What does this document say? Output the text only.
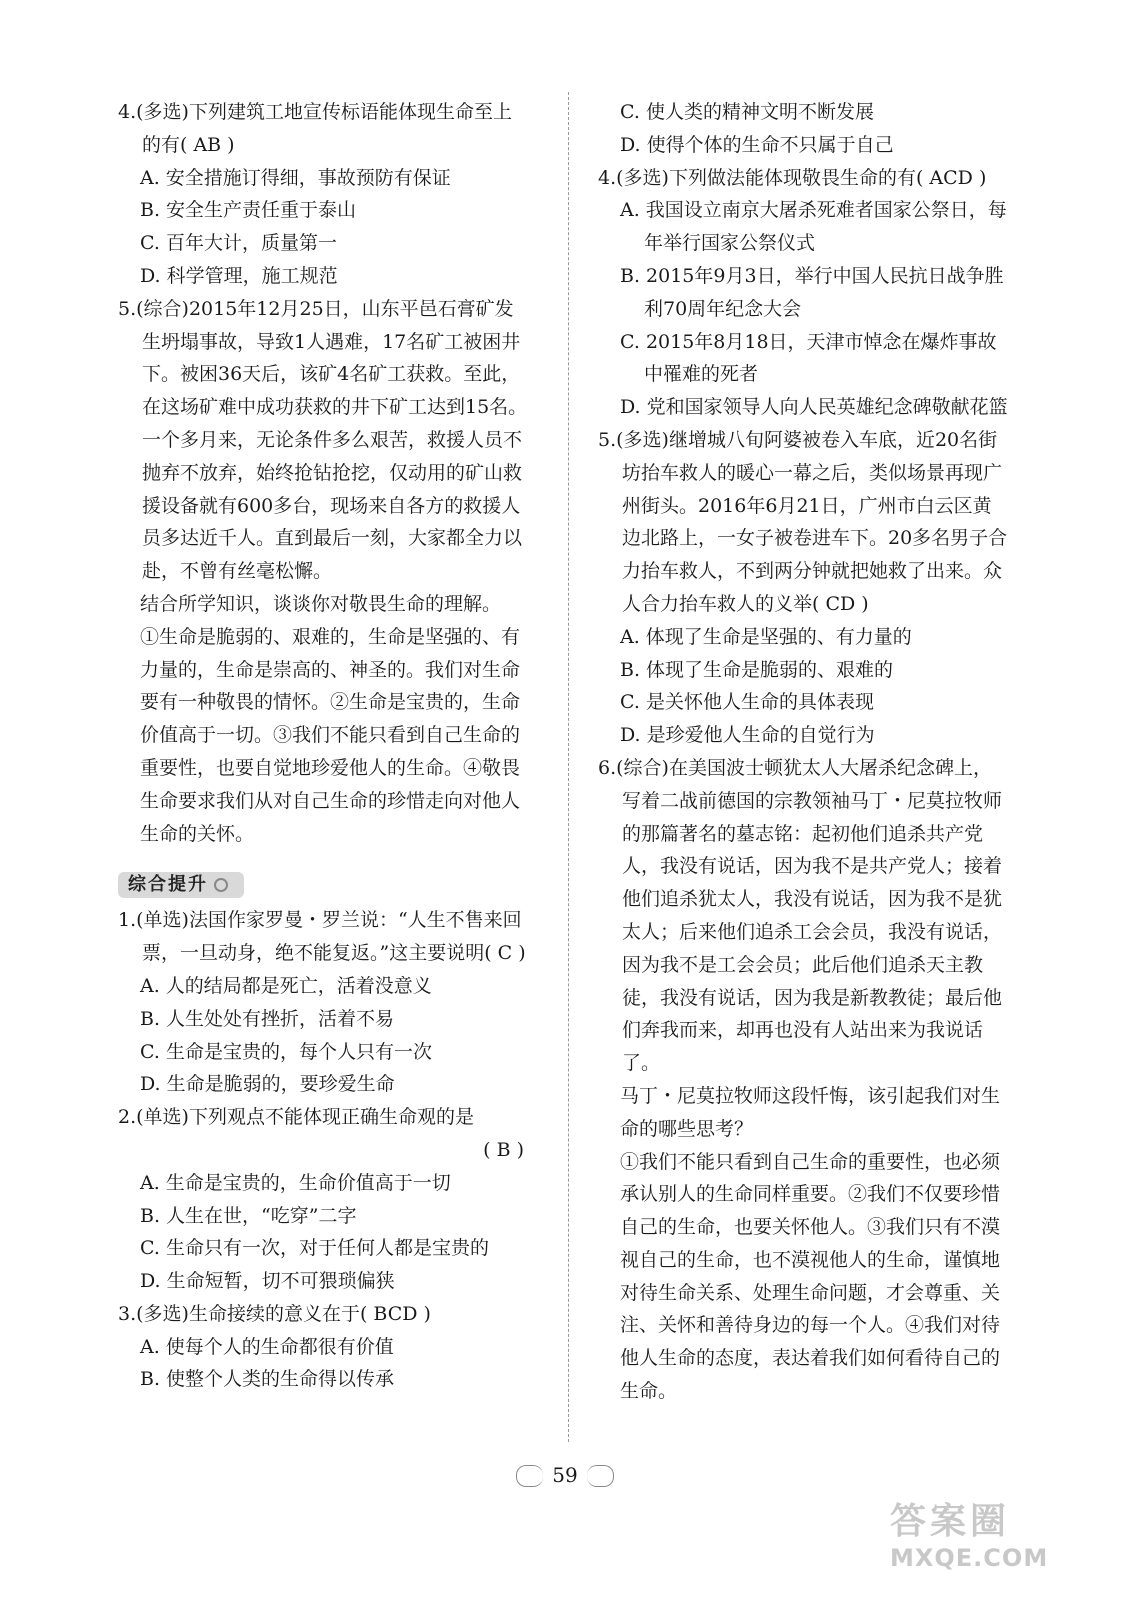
4.(多选)下列建筑工地宣传标语能体现生命至上的有( AB )
A. 安全措施订得细，事故预防有保证
B. 安全生产责任重于泰山
C. 百年大计，质量第一
D. 科学管理，施工规范
5.(综合)2015年12月25日，山东平邑石膏矿发生坍塌事故，导致1人遇难，17名矿工被困井下。被困36天后，该矿4名矿工获救。至此，在这场矿难中成功获救的井下矿工达到15名。一个多月来，无论条件多么艰苦，救援人员不抛弃不放弃，始终抢钻抢挖，仅动用的矿山救援设备就有600多台，现场来自各方的救援人员多达近千人。直到最后一刻，大家都全力以赴，不曾有丝毫松懈。
结合所学知识，谈谈你对敬畏生命的理解。
①生命是脆弱的、艰难的，生命是坚强的、有力量的，生命是崇高的、神圣的。我们对生命要有一种敬畏的情怀。②生命是宝贵的，生命价值高于一切。③我们不能只看到自己生命的重要性，也要自觉地珍爱他人的生命。④敬畏生命要求我们从对自己生命的珍惜走向对他人生命的关怀。
综合提升
1.(单选)法国作家罗曼・罗兰说：“人生不售来回票，一旦动身，绝不能复返。”这主要说明( C )
A. 人的结局都是死亡，活着没意义
B. 人生处处有挫折，活着不易
C. 生命是宝贵的，每个人只有一次
D. 生命是脆弱的，要珍爱生命
2.(单选)下列观点不能体现正确生命观的是
( B )
A. 生命是宝贵的，生命价值高于一切
B. 人生在世，“吃穿”二字
C. 生命只有一次，对于任何人都是宝贵的
D. 生命短暂，切不可猥琐偏狭
3.(多选)生命接续的意义在于( BCD )
A. 使每个人的生命都很有价值
B. 使整个人类的生命得以传承
C. 使人类的精神文明不断发展
D. 使得个体的生命不只属于自己
4.(多选)下列做法能体现敬畏生命的有( ACD )
A. 我国设立南京大屠杀死难者国家公祭日，每年举行国家公祭仪式
B. 2015年9月3日，举行中国人民抗日战争胜利70周年纪念大会
C. 2015年8月18日，天津市悼念在爆炸事故中罹难的死者
D. 党和国家领导人向人民英雄纪念碑敬献花篮
5.(多选)继增城八旬阿婆被卷入车底，近20名街坊抬车救人的暖心一幕之后，类似场景再现广州街头。2016年6月21日，广州市白云区黄边北路上，一女子被卷进车下。20多名男子合力抬车救人，不到两分钟就把她救了出来。众人合力抬车救人的义举( CD )
A. 体现了生命是坚强的、有力量的
B. 体现了生命是脆弱的、艰难的
C. 是关怀他人生命的具体表现
D. 是珍爱他人生命的自觉行为
6.(综合)在美国波士顿犹太人大屠杀纪念碑上，写着二战前德国的宗教领袖马丁・尼莫拉牧师的那篇著名的墓志铭：起初他们追杀共产党人，我没有说话，因为我不是共产党人；接着他们追杀犹太人，我没有说话，因为我不是犹太人；后来他们追杀工会会员，我没有说话，因为我不是工会会员；此后他们追杀天主教徒，我没有说话，因为我是新教教徒；最后他们奔我而来，却再也没有人站出来为我说话了。
马丁・尼莫拉牧师这段忏悔，该引起我们对生命的哪些思考？
①我们不能只看到自己生命的重要性，也必须承认别人的生命同样重要。②我们不仅要珍惜自己的生命，也要关怀他人。③我们只有不漠视自己的生命，也不漠视他人的生命，谨慎地对待生命关系、处理生命问题，才会尊重、关注、关怀和善待身边的每一个人。④我们对待他人生命的态度，表达着我们如何看待自己的生命。
59
答案圈
MXQE.COM
